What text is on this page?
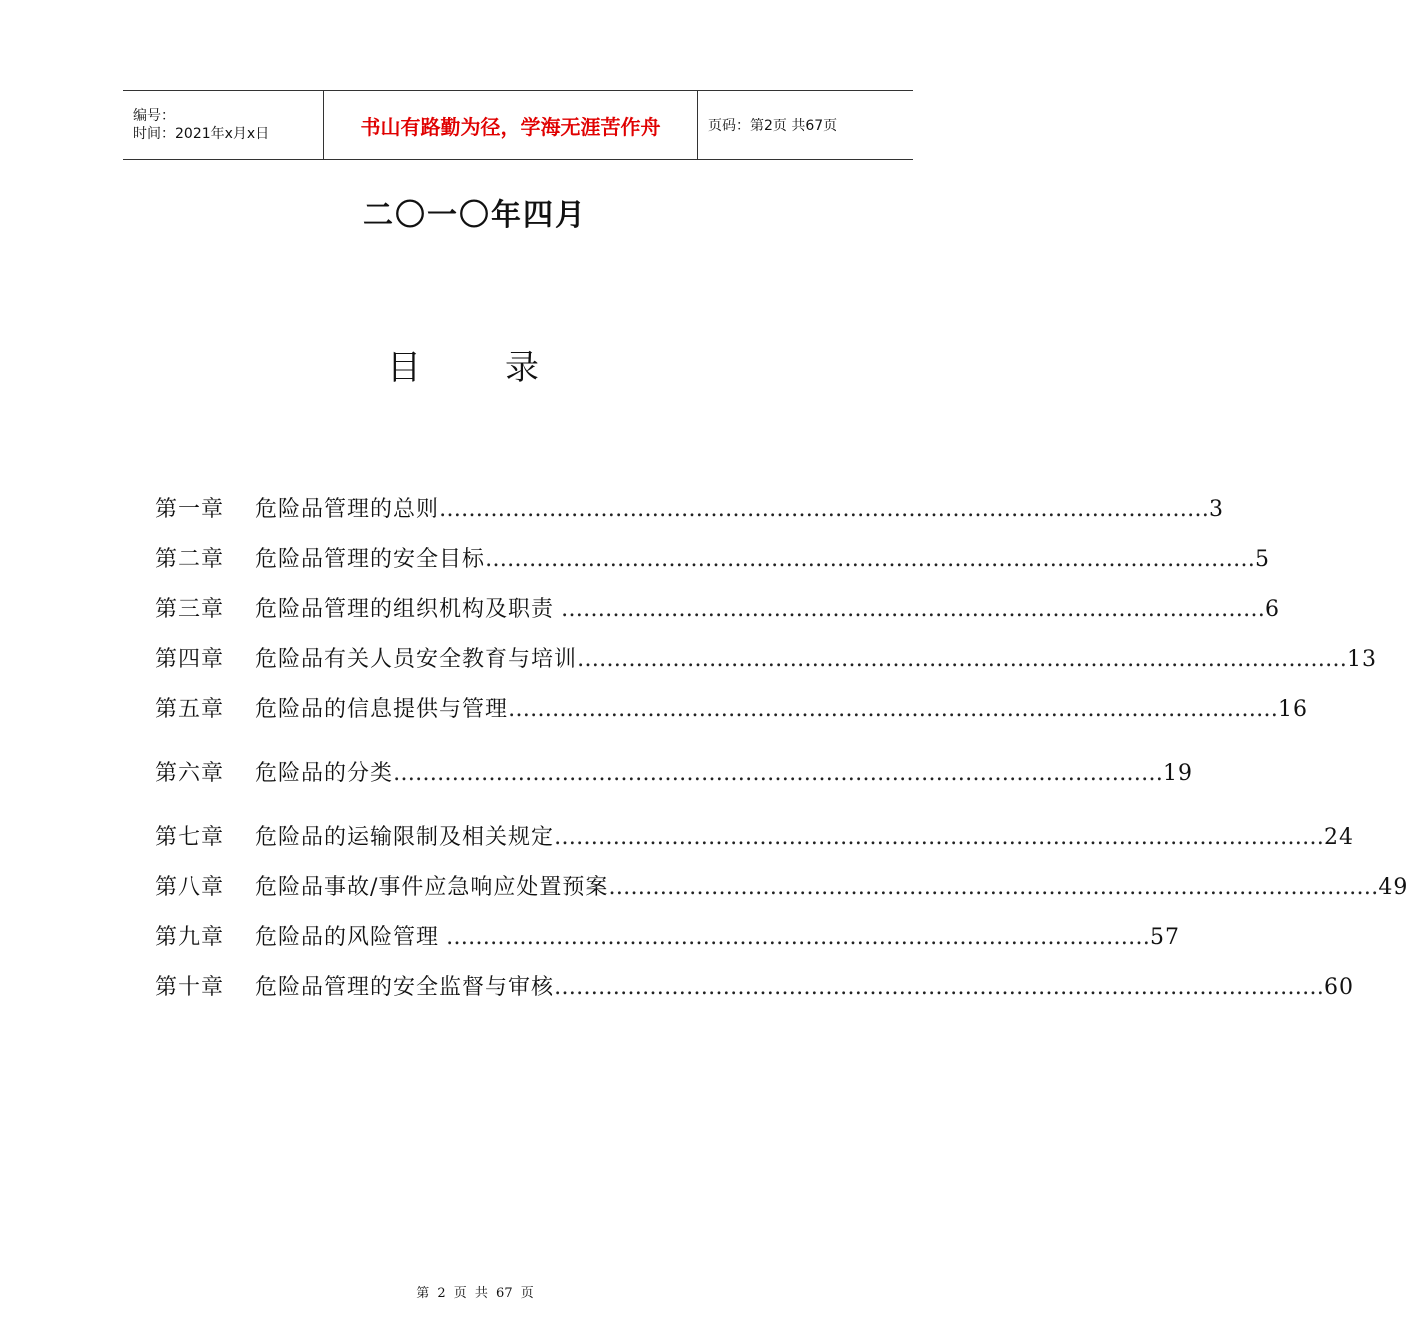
编号：
时间：2021年x月x日	书山有路勤为径，学海无涯苦作舟	页码：第2页 共67页
二〇一〇年四月
目录
第一章	危险品管理的总则 …………………………………………………………………………………………… 3
第二章	危险品管理的安全目标 …………………………………………………………………………………………… 5
第三章	危险品管理的组织机构及职责 …………………………………………………………………………………… 6
第四章	危险品有关人员安全教育与培训 …………………………………………………………………………………………… 13
第五章	危险品的信息提供与管理 …………………………………………………………………………………………… 16
第六章	危险品的分类 …………………………………………………………………………………………… 19
第七章	危险品的运输限制及相关规定 …………………………………………………………………………………………… 24
第八章	危险品事故/事件应急响应处置预案 …………………………………………………………………………………………… 49
第九章	危险品的风险管理 …………………………………………………………………………………… 57
第十章	危险品管理的安全监督与审核 …………………………………………………………………………………………… 60
第 2 页 共 67 页
